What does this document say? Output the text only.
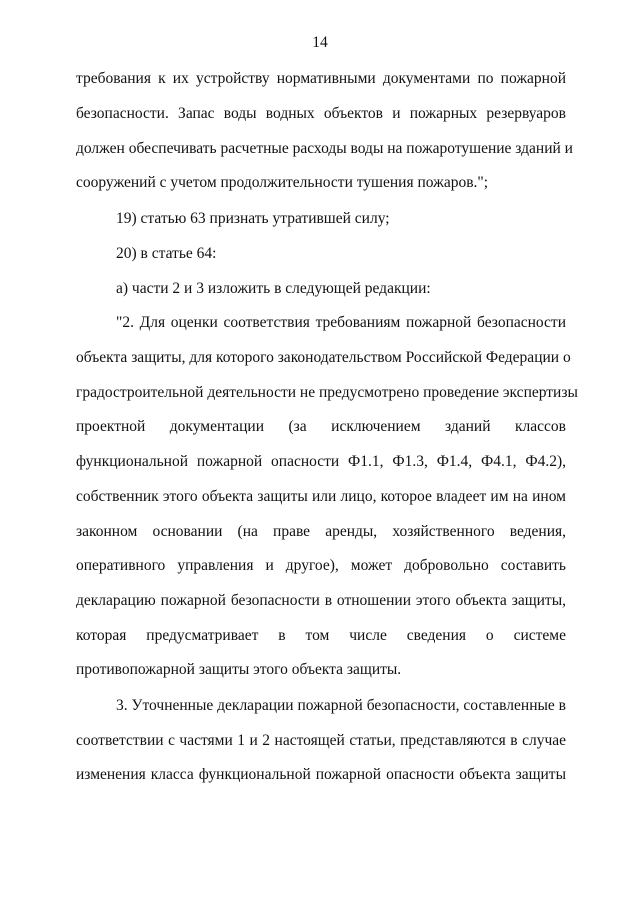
14
требования к их устройству нормативными документами по пожарной
безопасности. Запас воды водных объектов и пожарных резервуаров
должен обеспечивать расчетные расходы воды на пожаротушение зданий и
сооружений с учетом продолжительности тушения пожаров.";
19) статью 63 признать утратившей силу;
20) в статье 64:
а) части 2 и 3 изложить в следующей редакции:
"2. Для оценки соответствия требованиям пожарной безопасности
объекта защиты, для которого законодательством Российской Федерации о
градостроительной деятельности не предусмотрено проведение экспертизы
проектной документации (за исключением зданий классов
функциональной пожарной опасности Ф1.1, Ф1.3, Ф1.4, Ф4.1, Ф4.2),
собственник этого объекта защиты или лицо, которое владеет им на ином
законном основании (на праве аренды, хозяйственного ведения,
оперативного управления и другое), может добровольно составить
декларацию пожарной безопасности в отношении этого объекта защиты,
которая предусматривает в том числе сведения о системе
противопожарной защиты этого объекта защиты.
3. Уточненные декларации пожарной безопасности, составленные в
соответствии с частями 1 и 2 настоящей статьи, представляются в случае
изменения класса функциональной пожарной опасности объекта защиты
